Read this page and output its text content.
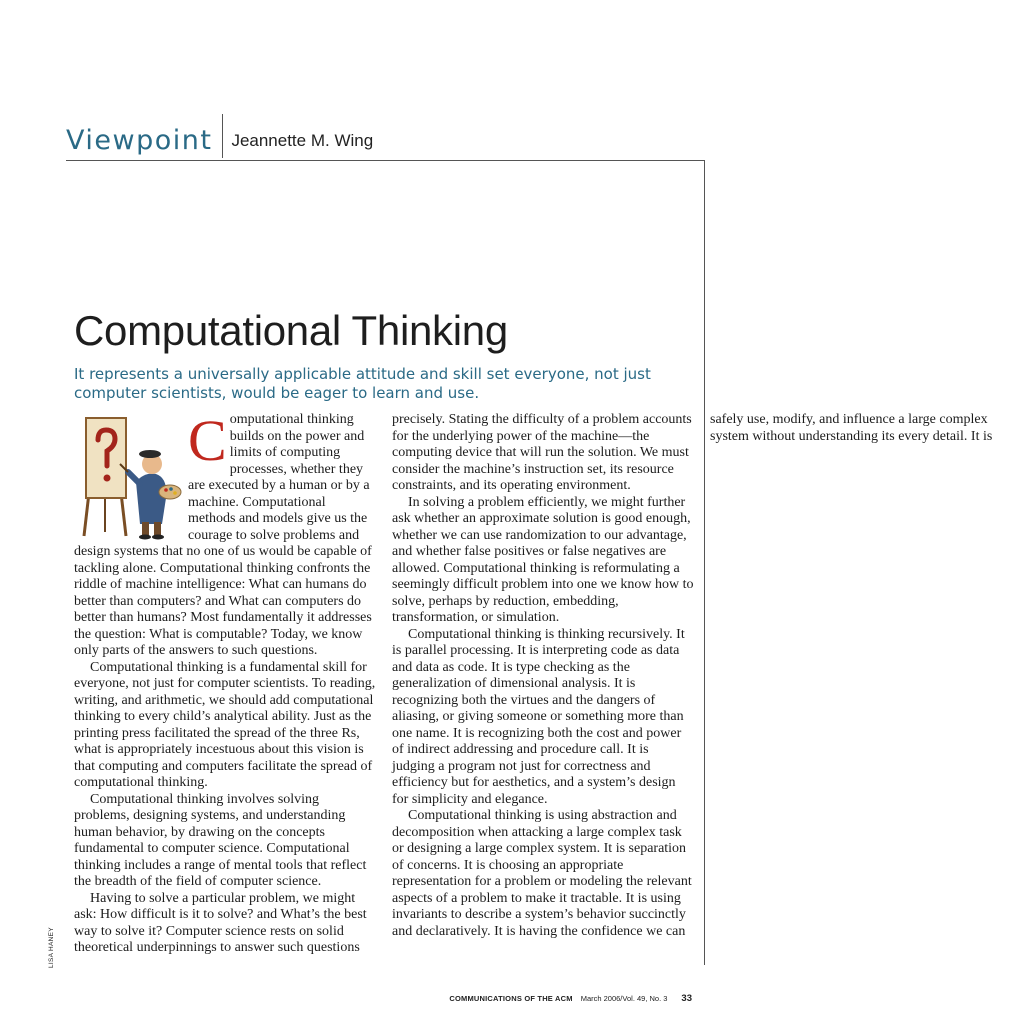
Viewpoint Jeannette M. Wing
Computational Thinking

It represents a universally applicable attitude and skill set everyone, not just computer scientists, would be eager to learn and use.

Computational thinking builds on the power and limits of computing processes, whether they are executed by a human or by a machine. Computational methods and models give us the courage to solve problems and design systems that no one of us would be capable of tackling alone. Computational thinking confronts the riddle of machine intelligence: What can humans do better than computers? and What can computers do better than humans? Most fundamentally it addresses the question: What is computable? Today, we know only parts of the answers to such questions.

Computational thinking is a fundamental skill for everyone, not just for computer scientists. To reading, writing, and arithmetic, we should add computational thinking to every child’s analytical ability. Just as the printing press facilitated the spread of the three Rs, what is appropriately incestuous about this vision is that computing and computers facilitate the spread of computational thinking.

Computational thinking involves solving problems, designing systems, and understanding human behavior, by drawing on the concepts fundamental to computer science. Computational thinking includes a range of mental tools that reflect the breadth of the field of computer science.

Having to solve a particular problem, we might ask: How difficult is it to solve? and What’s the best way to solve it? Computer science rests on solid theoretical underpinnings to answer such questions precisely. Stating the difficulty of a problem accounts for the underlying power of the machine—the computing device that will run the solution. We must consider the machine’s instruction set, its resource constraints, and its operating environment.

In solving a problem efficiently, we might further ask whether an approximate solution is good enough, whether we can use randomization to our advantage, and whether false positives or false negatives are allowed. Computational thinking is reformulating a seemingly difficult problem into one we know how to solve, perhaps by reduction, embedding, transformation, or simulation.

Computational thinking is thinking recursively. It is parallel processing. It is interpreting code as data and data as code. It is type checking as the generalization of dimensional analysis. It is recognizing both the virtues and the dangers of aliasing, or giving someone or something more than one name. It is recognizing both the cost and power of indirect addressing and procedure call. It is judging a program not just for correctness and efficiency but for aesthetics, and a system’s design for simplicity and elegance.

Computational thinking is using abstraction and decomposition when attacking a large complex task or designing a large complex system. It is separation of concerns. It is choosing an appropriate representation for a problem or modeling the relevant aspects of a problem to make it tractable. It is using invariants to describe a system’s behavior succinctly and declaratively. It is having the confidence we can safely use, modify, and influence a large complex system without understanding its every detail. It is

LISA HANEY
COMMUNICATIONS OF THE ACM March 2006/Vol. 49, No. 3 33
